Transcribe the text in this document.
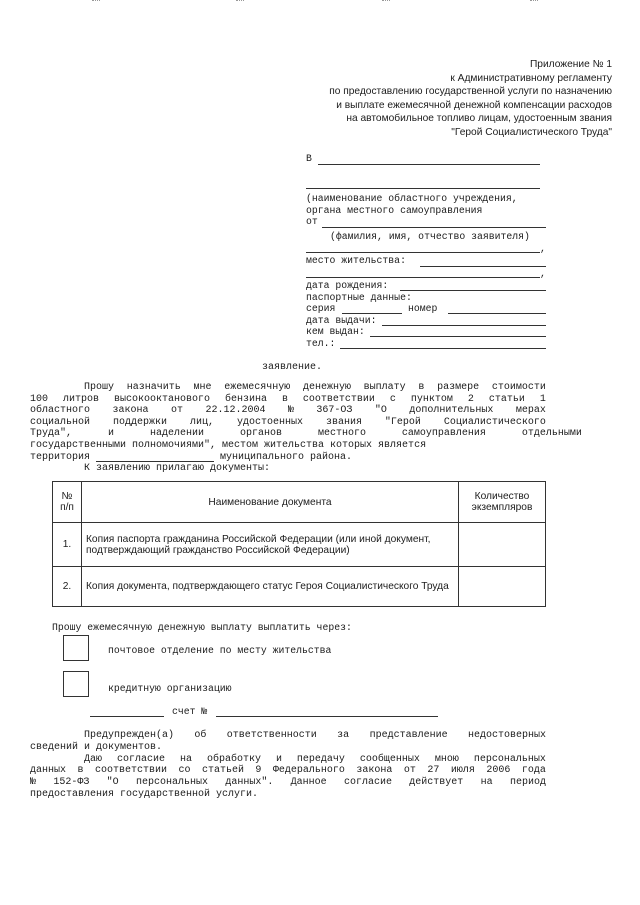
Приложение № 1
к Административному регламенту
по предоставлению государственной услуги по назначению
и выплате ежемесячной денежной компенсации расходов
на автомобильное топливо лицам, удостоенным звания
"Герой Социалистического Труда"
В
(наименование областного учреждения,
органа местного самоуправления
от
(фамилия, имя, отчество заявителя)
,
место жительства:
,
дата рождения:
паспортные данные:
серия	номер
дата выдачи:
кем выдан:
тел.:
заявление.
Прошу назначить мне ежемесячную денежную выплату в размере стоимости
100 литров высокооктанового бензина в соответствии с пунктом 2 статьи 1
областного закона от 22.12.2004 № 367-ОЗ "О дополнительных мерах
социальной поддержки лиц, удостоенных звания "Герой Социалистического
Труда",	и	наделении	органов	местного	самоуправления	отдельными
государственными полномочиями", местом жительства которых является
территория	муниципального района.
К заявлению прилагаю документы:
№ п/п	Наименование документа	Количество экземпляров
1.	Копия паспорта гражданина Российской Федерации (или иной документ, подтверждающий гражданство Российской Федерации)	
2.	Копия документа, подтверждающего статус Героя Социалистического Труда	
Прошу ежемесячную денежную выплату выплатить через:
почтовое отделение по месту жительства
кредитную организацию
счет №
Предупрежден(а) об ответственности за представление недостоверных
сведений и документов.
Даю согласие на обработку и передачу сообщенных мною персональных
данных в соответствии со статьей 9 Федерального закона от 27 июля 2006 года
№ 152-ФЗ "О персональных данных". Данное согласие действует на период
предоставления государственной услуги.
